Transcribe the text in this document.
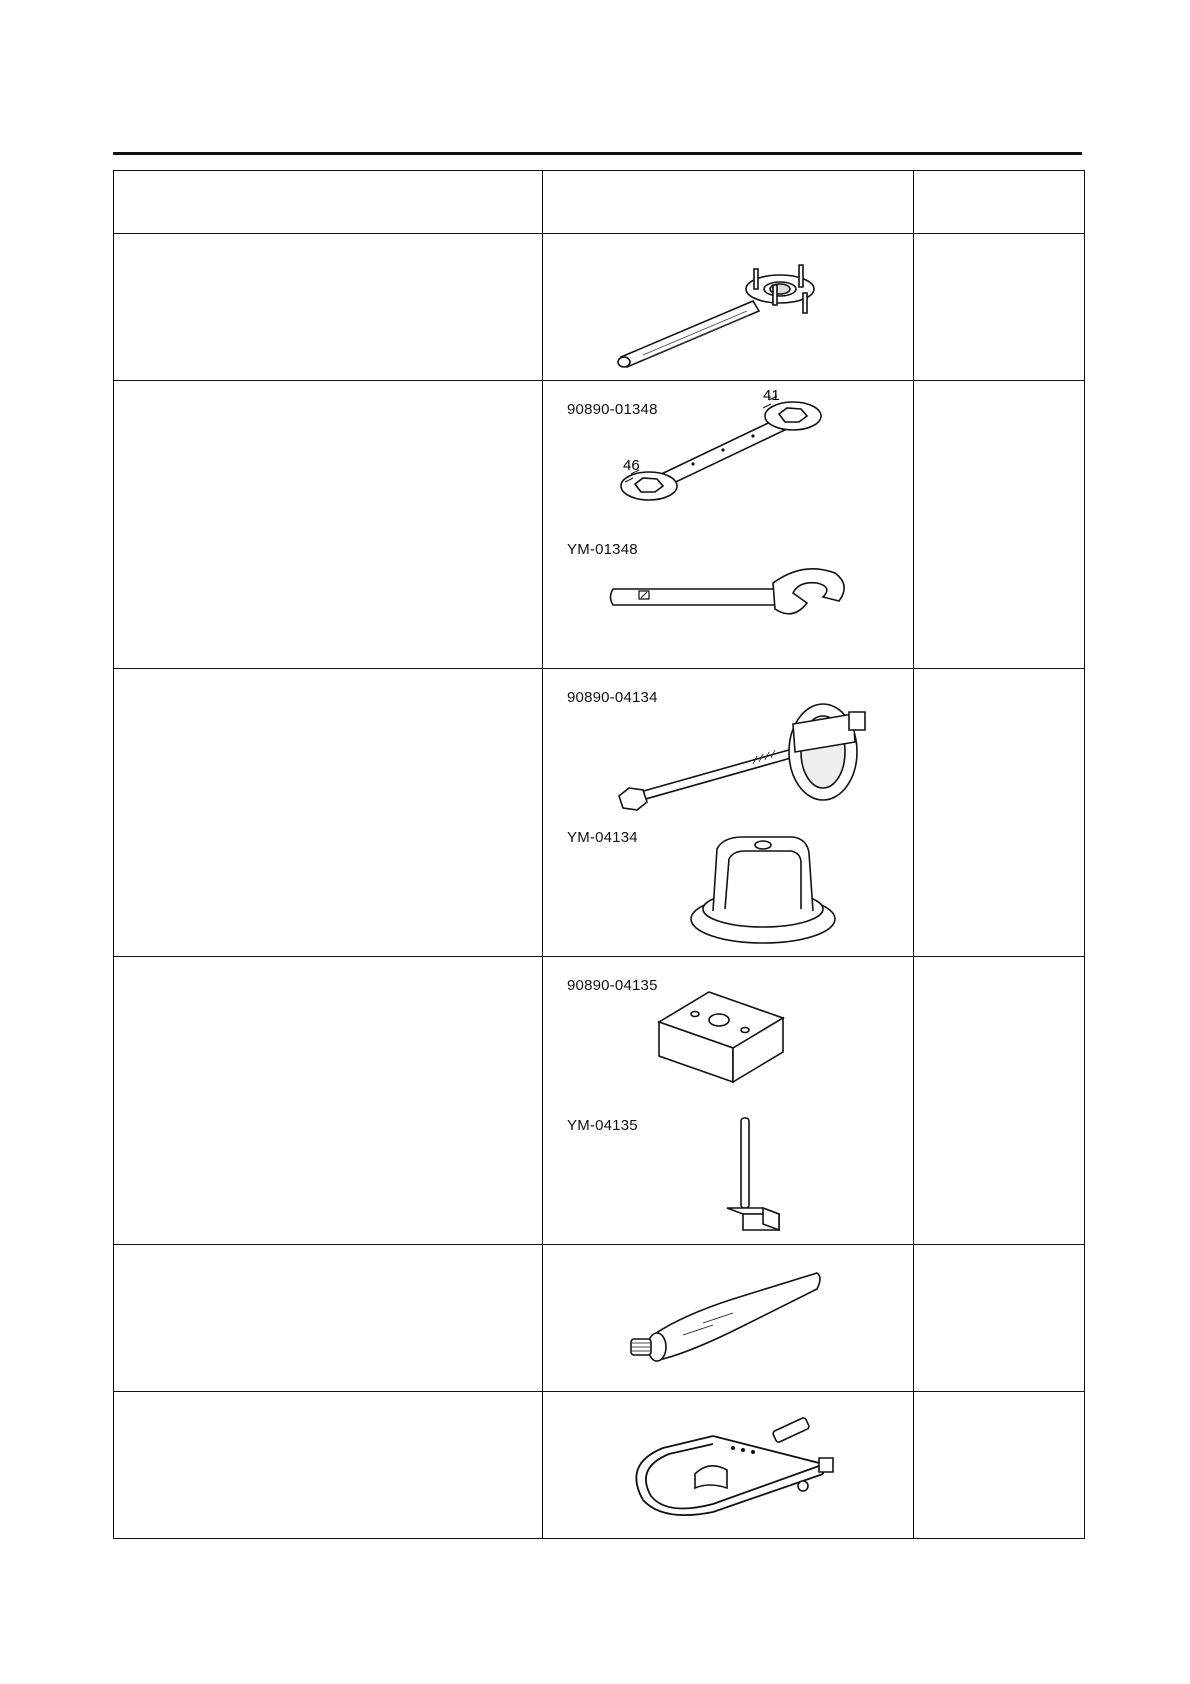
	90890-01348
41
46
YM-01348	

	90890-04134
YM-04134	

	90890-04135
YM-04135	
